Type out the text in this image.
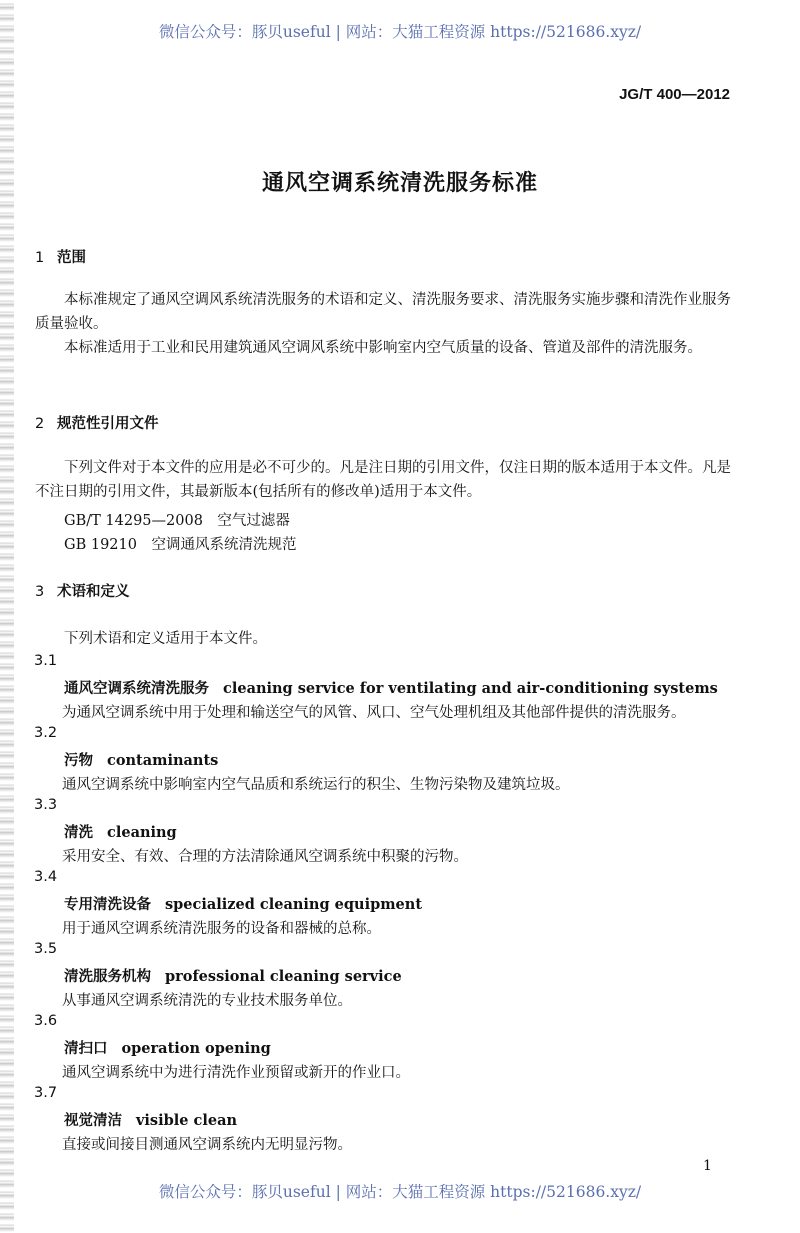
微信公众号：豚贝useful | 网站：大猫工程资源 https://521686.xyz/
JG/T 400—2012
通风空调系统清洗服务标准
1 范围
本标准规定了通风空调风系统清洗服务的术语和定义、清洗服务要求、清洗服务实施步骤和清洗作业服务质量验收。
本标准适用于工业和民用建筑通风空调风系统中影响室内空气质量的设备、管道及部件的清洗服务。
2 规范性引用文件
下列文件对于本文件的应用是必不可少的。凡是注日期的引用文件，仅注日期的版本适用于本文件。凡是不注日期的引用文件，其最新版本(包括所有的修改单)适用于本文件。
GB/T 14295—2008　空气过滤器
GB 19210　空调通风系统清洗规范
3 术语和定义
下列术语和定义适用于本文件。
3.1
通风空调系统清洗服务 cleaning service for ventilating and air-conditioning systems
为通风空调系统中用于处理和输送空气的风管、风口、空气处理机组及其他部件提供的清洗服务。
3.2
污物 contaminants
通风空调系统中影响室内空气品质和系统运行的积尘、生物污染物及建筑垃圾。
3.3
清洗 cleaning
采用安全、有效、合理的方法清除通风空调系统中积聚的污物。
3.4
专用清洗设备 specialized cleaning equipment
用于通风空调系统清洗服务的设备和器械的总称。
3.5
清洗服务机构 professional cleaning service
从事通风空调系统清洗的专业技术服务单位。
3.6
清扫口 operation opening
通风空调系统中为进行清洗作业预留或新开的作业口。
3.7
视觉清洁 visible clean
直接或间接目测通风空调系统内无明显污物。
1
微信公众号：豚贝useful | 网站：大猫工程资源 https://521686.xyz/
